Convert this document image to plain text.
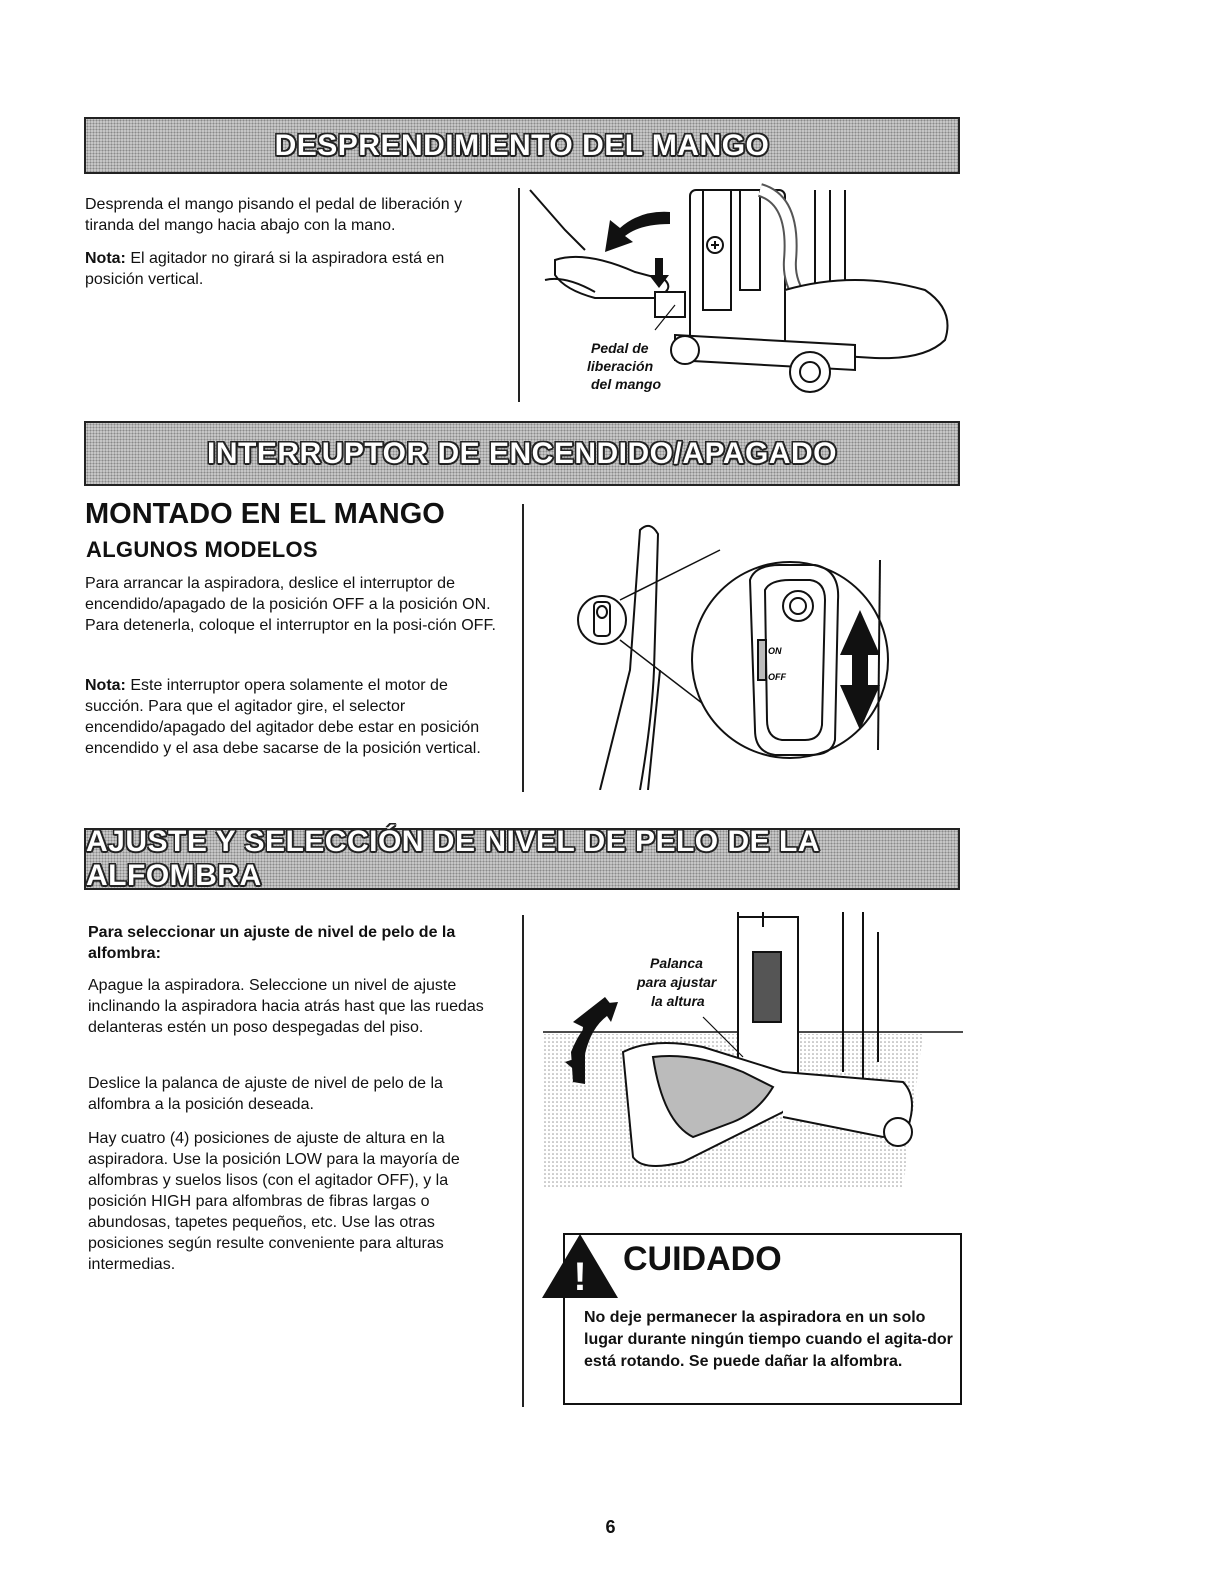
DESPRENDIMIENTO DEL MANGO

Desprenda el mango pisando el pedal de liberación y tiranda del mango hacia abajo con la mano.

Nota: El agitador no girará si la aspiradora está en posición vertical.

Pedal de
liberación
del mango
INTERRUPTOR DE ENCENDIDO/APAGADO
MONTADO EN EL MANGO
ALGUNOS MODELOS

Para arrancar la aspiradora, deslice el interruptor de encendido/apagado de la posición OFF a la posición ON. Para detenerla, coloque el interruptor en la posi-ción OFF.

Nota: Este interruptor opera solamente el motor de succión. Para que el agitador gire, el selector encendido/apagado del agitador debe estar en posición encendido y el asa debe sacarse de la posición vertical.

ON
OFF
AJUSTE Y SELECCIÓN DE NIVEL DE PELO DE LA ALFOMBRA

Para seleccionar un ajuste de nivel de pelo de la alfombra:

Apague la aspiradora. Seleccione un nivel de ajuste inclinando la aspiradora hacia atrás hast que las ruedas delanteras estén un poso despegadas del piso.

Deslice la palanca de ajuste de nivel de pelo de la alfombra a la posición deseada.

Hay cuatro (4) posiciones de ajuste de altura en la aspiradora. Use la posición LOW para la mayoría de alfombras y suelos lisos (con el agitador OFF), y la posición HIGH para alfombras de fibras largas o abundosas, tapetes pequeños, etc. Use las otras posiciones según resulte conveniente para alturas intermedias.

Palanca
para ajustar
la altura
! CUIDADO

No deje permanecer la aspiradora en un solo lugar durante ningún tiempo cuando el agita-dor está rotando. Se puede dañar la alfombra.

6
